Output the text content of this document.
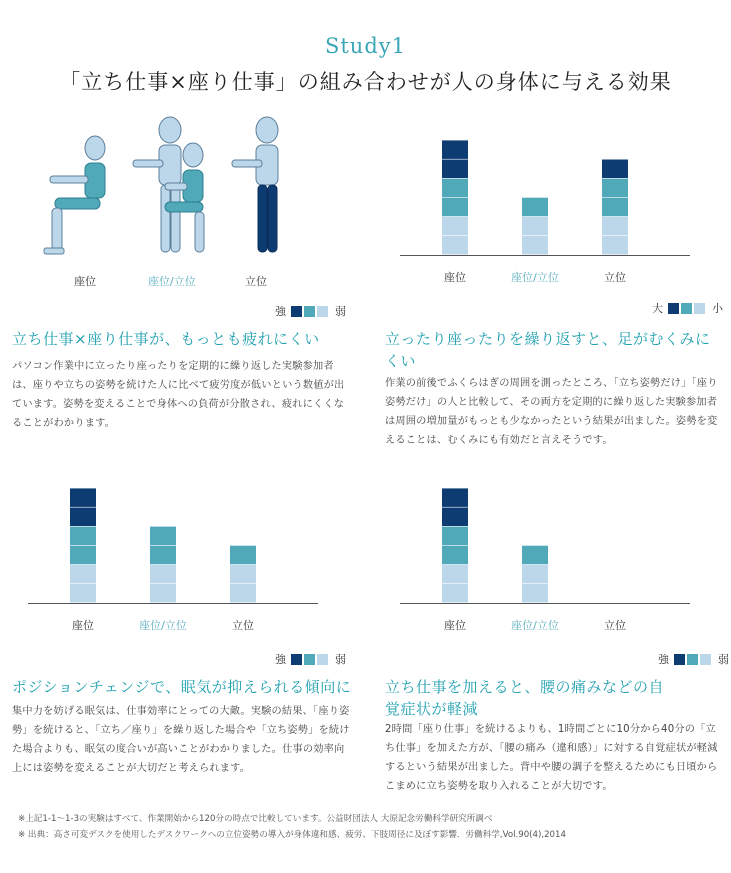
Study1
「立ち仕事×座り仕事」の組み合わせが人の身体に与える効果
座位	座位/立位	立位	座位	座位/立位	立位
座位	座位/立位	立位	座位	座位/立位	立位
強	弱	大	小
強	弱	強	弱
立ち仕事×座り仕事が、もっとも疲れにくい
パソコン作業中に立ったり座ったりを定期的に繰り返した実験参加者は、座りや立ちの姿勢を続けた人に比べて疲労度が低いという数値が出ています。姿勢を変えることで身体への負荷が分散され、疲れにくくなることがわかります。
立ったり座ったりを繰り返すと、足がむくみにくい
作業の前後でふくらはぎの周囲を測ったところ、「立ち姿勢だけ」「座り姿勢だけ」の人と比較して、その両方を定期的に繰り返した実験参加者は周囲の増加量がもっとも少なかったという結果が出ました。姿勢を変えることは、むくみにも有効だと言えそうです。
ポジションチェンジで、眠気が抑えられる傾向に
集中力を妨げる眠気は、仕事効率にとっての大敵。実験の結果、「座り姿勢」を続けると、「立ち／座り」を繰り返した場合や「立ち姿勢」を続けた場合よりも、眠気の度合いが高いことがわかりました。仕事の効率向上には姿勢を変えることが大切だと考えられます。
立ち仕事を加えると、腰の痛みなどの自覚症状が軽減
2時間「座り仕事」を続けるよりも、1時間ごとに10分から40分の「立ち仕事」を加えた方が、「腰の痛み（違和感）」に対する自覚症状が軽減するという結果が出ました。背中や腰の調子を整えるためにも日頃からこまめに立ち姿勢を取り入れることが大切です。
※上記1-1〜1-3の実験はすべて、作業開始から120分の時点で比較しています。公益財団法人 大原記念労働科学研究所調べ
※ 出典：高さ可変デスクを使用したデスクワークへの立位姿勢の導入が身体違和感、疲労、下肢周径に及ぼす影響．労働科学,Vol.90(4),2014
